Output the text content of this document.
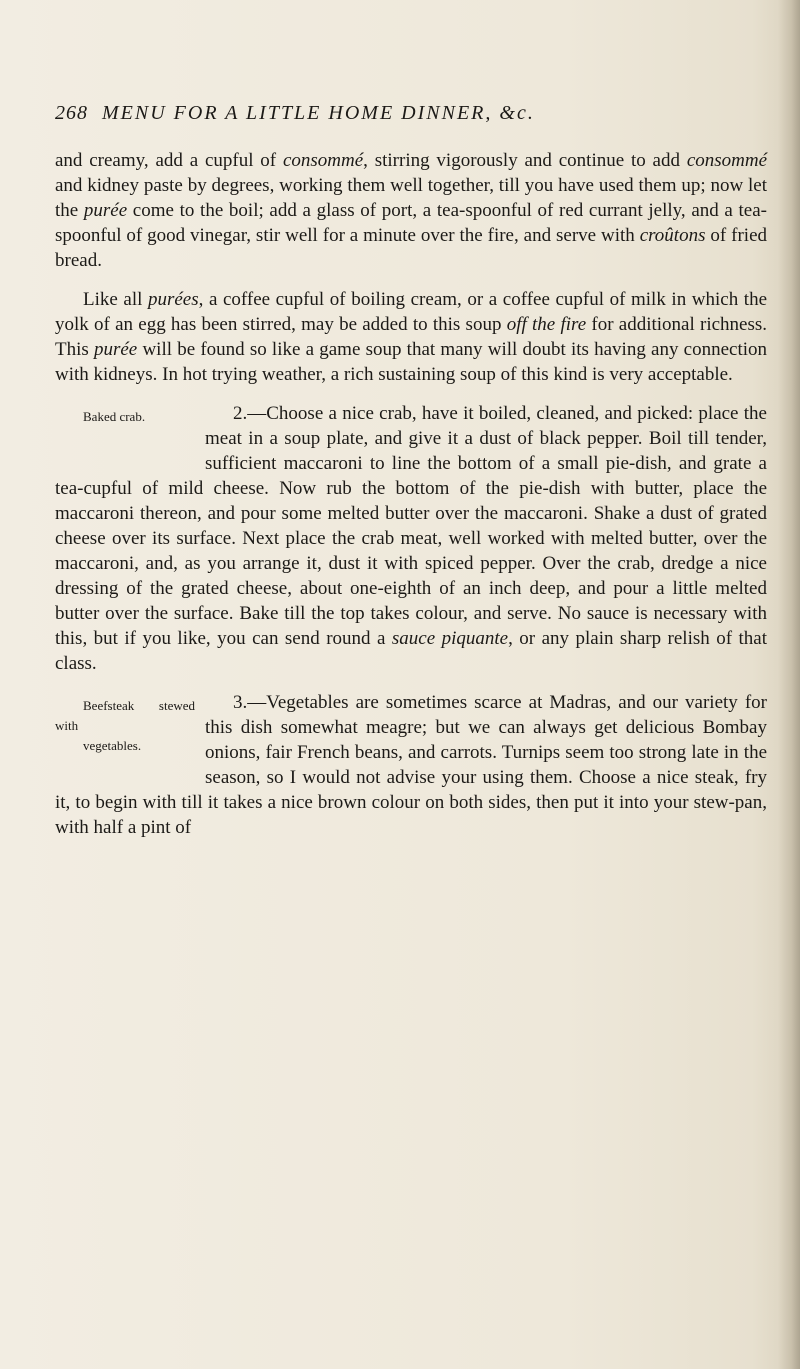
268 MENU FOR A LITTLE HOME DINNER, &c.

and creamy, add a cupful of consommé, stirring vigorously and continue to add consommé and kidney paste by degrees, working them well together, till you have used them up; now let the purée come to the boil; add a glass of port, a tea-spoonful of red currant jelly, and a tea-spoonful of good vinegar, stir well for a minute over the fire, and serve with croûtons of fried bread.

Like all purées, a coffee cupful of boiling cream, or a coffee cupful of milk in which the yolk of an egg has been stirred, may be added to this soup off the fire for additional richness. This purée will be found so like a game soup that many will doubt its having any connection with kidneys. In hot trying weather, a rich sustaining soup of this kind is very acceptable.

Baked crab.	2.—Choose a nice crab, have it boiled, cleaned, and picked: place the meat in a soup plate, and give it a dust of black pepper. Boil till tender, sufficient maccaroni to line the bottom of a small pie-dish, and grate a tea-cupful of mild cheese. Now rub the bottom of the pie-dish with butter, place the maccaroni thereon, and pour some melted butter over the maccaroni. Shake a dust of grated cheese over its surface. Next place the crab meat, well worked with melted butter, over the maccaroni, and, as you arrange it, dust it with spiced pepper. Over the crab, dredge a nice dressing of the grated cheese, about one-eighth of an inch deep, and pour a little melted butter over the surface. Bake till the top takes colour, and serve. No sauce is necessary with this, but if you like, you can send round a sauce piquante, or any plain sharp relish of that class.

Beefsteak stewed with
vegetables.
3.—Vegetables are sometimes scarce at Madras, and our variety for this dish somewhat meagre; but we can always get delicious Bombay onions, fair French beans, and carrots. Turnips seem too strong late in the season, so I would not advise your using them. Choose a nice steak, fry it, to begin with till it takes a nice brown colour on both sides, then put it into your stew-pan, with half a pint of
